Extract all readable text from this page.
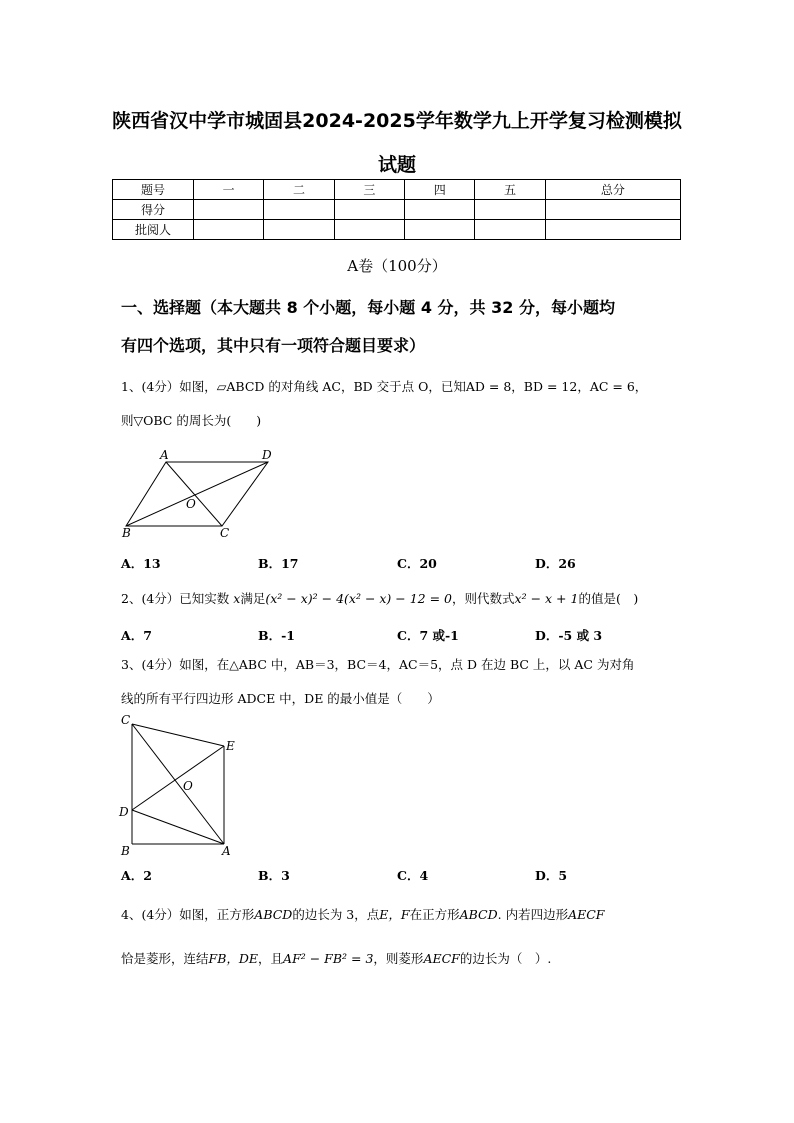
陕西省汉中学市城固县2024-2025学年数学九上开学复习检测模拟
试题
题号	一	二	三	四	五	总分
得分						
批阅人						
A卷（100分）
一、选择题（本大题共 8 个小题，每小题 4 分，共 32 分，每小题均
有四个选项，其中只有一项符合题目要求）
1、(4分）如图，▱ABCD 的对角线 AC，BD 交于点 O，已知AD = 8，BD = 12，AC = 6，
则▽OBC 的周长为(　　)
A	D
B	C
O
A．13	B．17	C．20	D．26
2、(4分）已知实数 x满足(x² − x)² − 4(x² − x) − 12 = 0，则代数式x² − x + 1的值是(　)
A．7	B．-1	C．7 或-1	D．-5 或 3
3、(4分）如图，在△ABC 中，AB＝3，BC＝4，AC＝5，点 D 在边 BC 上，以 AC 为对角
线的所有平行四边形 ADCE 中，DE 的最小值是（　　）
C
E
O
D
B	A
A．2	B．3	C．4	D．5
4、(4分）如图，正方形ABCD的边长为 3，点E，F在正方形ABCD. 内若四边形AECF
恰是菱形，连结FB，DE，且AF² − FB² = 3，则菱形AECF的边长为（　）.
